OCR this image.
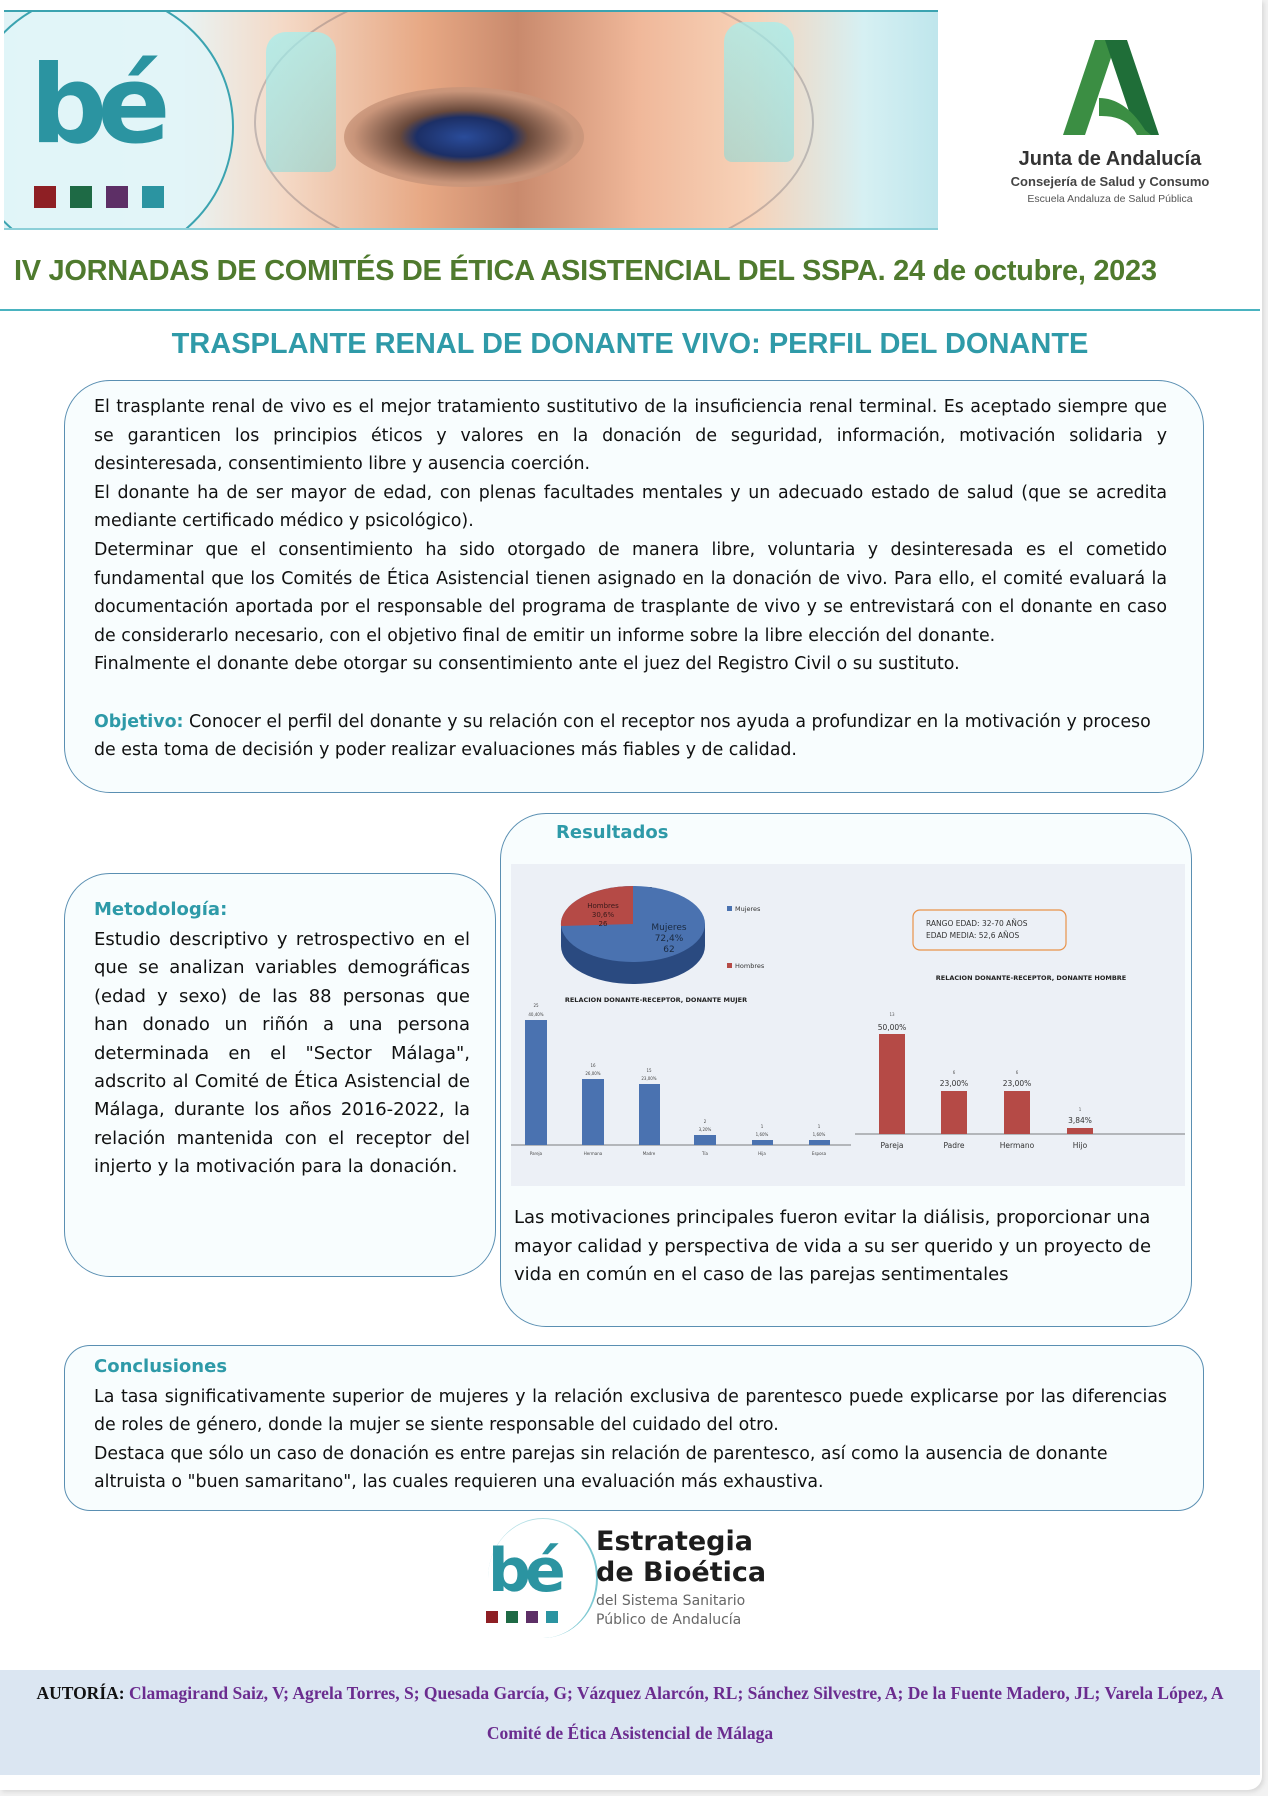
bé	Junta de Andalucía
Consejería de Salud y Consumo
Escuela Andaluza de Salud Pública
IV JORNADAS DE COMITÉS DE ÉTICA ASISTENCIAL DEL SSPA. 24 de octubre, 2023
TRASPLANTE RENAL DE DONANTE VIVO: PERFIL DEL DONANTE
El trasplante renal de vivo es el mejor tratamiento sustitutivo de la insuficiencia renal terminal. Es aceptado siempre que se garanticen los principios éticos y valores en la donación de seguridad, información, motivación solidaria y desinteresada, consentimiento libre y ausencia coerción.
El donante ha de ser mayor de edad, con plenas facultades mentales y un adecuado estado de salud (que se acredita mediante certificado médico y psicológico).
Determinar que el consentimiento ha sido otorgado de manera libre, voluntaria y desinteresada es el cometido fundamental que los Comités de Ética Asistencial tienen asignado en la donación de vivo. Para ello, el comité evaluará la documentación aportada por el responsable del programa de trasplante de vivo y se entrevistará con el donante en caso de considerarlo necesario, con el objetivo final de emitir un informe sobre la libre elección del donante.
Finalmente el donante debe otorgar su consentimiento ante el juez del Registro Civil o su sustituto.
Objetivo: Conocer el perfil del donante y su relación con el receptor nos ayuda a profundizar en la motivación y proceso de esta toma de decisión y poder realizar evaluaciones más fiables y de calidad.
Metodología:
Estudio descriptivo y retrospectivo en el que se analizan variables demográficas (edad y sexo) de las 88 personas que han donado un riñón a una persona determinada en el "Sector Málaga", adscrito al Comité de Ética Asistencial de Málaga, durante los años 2016-2022, la relación mantenida con el receptor del injerto y la motivación para la donación.
Resultados
Hombres
30,6%
26	Mujeres
72,4%
62
Mujeres
Hombres
RANGO EDAD: 32-70 AÑOS
EDAD MEDIA: 52,6 AÑOS
RELACION DONANTE-RECEPTOR, DONANTE MUJER
25
40,40%
16
26,00%
15
23,00%
2
3,20%
1
1,60%
1
1,60%
Pareja	Hermana	Madre	Tía	Hija	Esposa
RELACION DONANTE-RECEPTOR, DONANTE HOMBRE
50,00%
23,00%	23,00%
3,84%
Pareja	Padre	Hermano	Hijo
13
6	6
1
Las motivaciones principales fueron evitar la diálisis, proporcionar una mayor calidad y perspectiva de vida a su ser querido y un proyecto de vida en común en el caso de las parejas sentimentales
Conclusiones
La tasa significativamente superior de mujeres y la relación exclusiva de parentesco puede explicarse por las diferencias de roles de género, donde la mujer se siente responsable del cuidado del otro.
Destaca que sólo un caso de donación es entre parejas sin relación de parentesco, así como la ausencia de donante altruista o "buen samaritano", las cuales requieren una evaluación más exhaustiva.
bé Estrategia
de Bioética
del Sistema Sanitario
Público de Andalucía
AUTORÍA: Clamagirand Saiz, V; Agrela Torres, S; Quesada García, G; Vázquez Alarcón, RL; Sánchez Silvestre, A; De la Fuente Madero, JL; Varela López, A
Comité de Ética Asistencial de Málaga
